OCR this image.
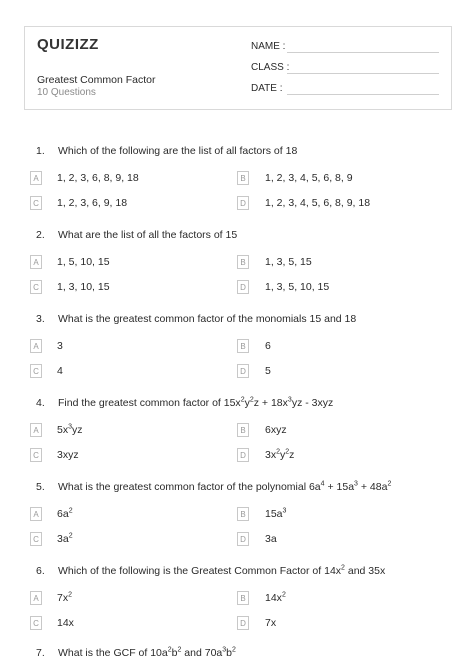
QUIZIZZ
Greatest Common Factor
10 Questions
NAME :
CLASS :
DATE :
1. Which of the following are the list of all factors of 18
A	1, 2, 3, 6, 8, 9, 18	B	1, 2, 3, 4, 5, 6, 8, 9
C 1, 2, 3, 6, 9, 18	D 1, 2, 3, 4, 5, 6, 8, 9, 18
2. What are the list of all the factors of 15
A	1, 5, 10, 15	B	1, 3, 5, 15
C 1, 3, 10, 15	D 1, 3, 5, 10, 15
3. What is the greatest common factor of the monomials 15 and 18
A	3	B	6
C 4	D 5
4. Find the greatest common factor of $15x^2y^2z + 18x^3yz - 3xyz$
A	$5x^3yz$	B	6xyz
C 3xyz	D $3x^2y^2z$
5. What is the greatest common factor of the polynomial $6a^4 + 15a^3 + 48a^2$
A	$6a^2$	B	$15a^3$
C $3a^2$	D 3a
6. Which of the following is the Greatest Common Factor of $14x^2$ and 35x
A	$7x^2$	B	$14x^2$
C 14x	D 7x
7. What is the GCF of $10a^2b^2$ and $70a^3b^2$
